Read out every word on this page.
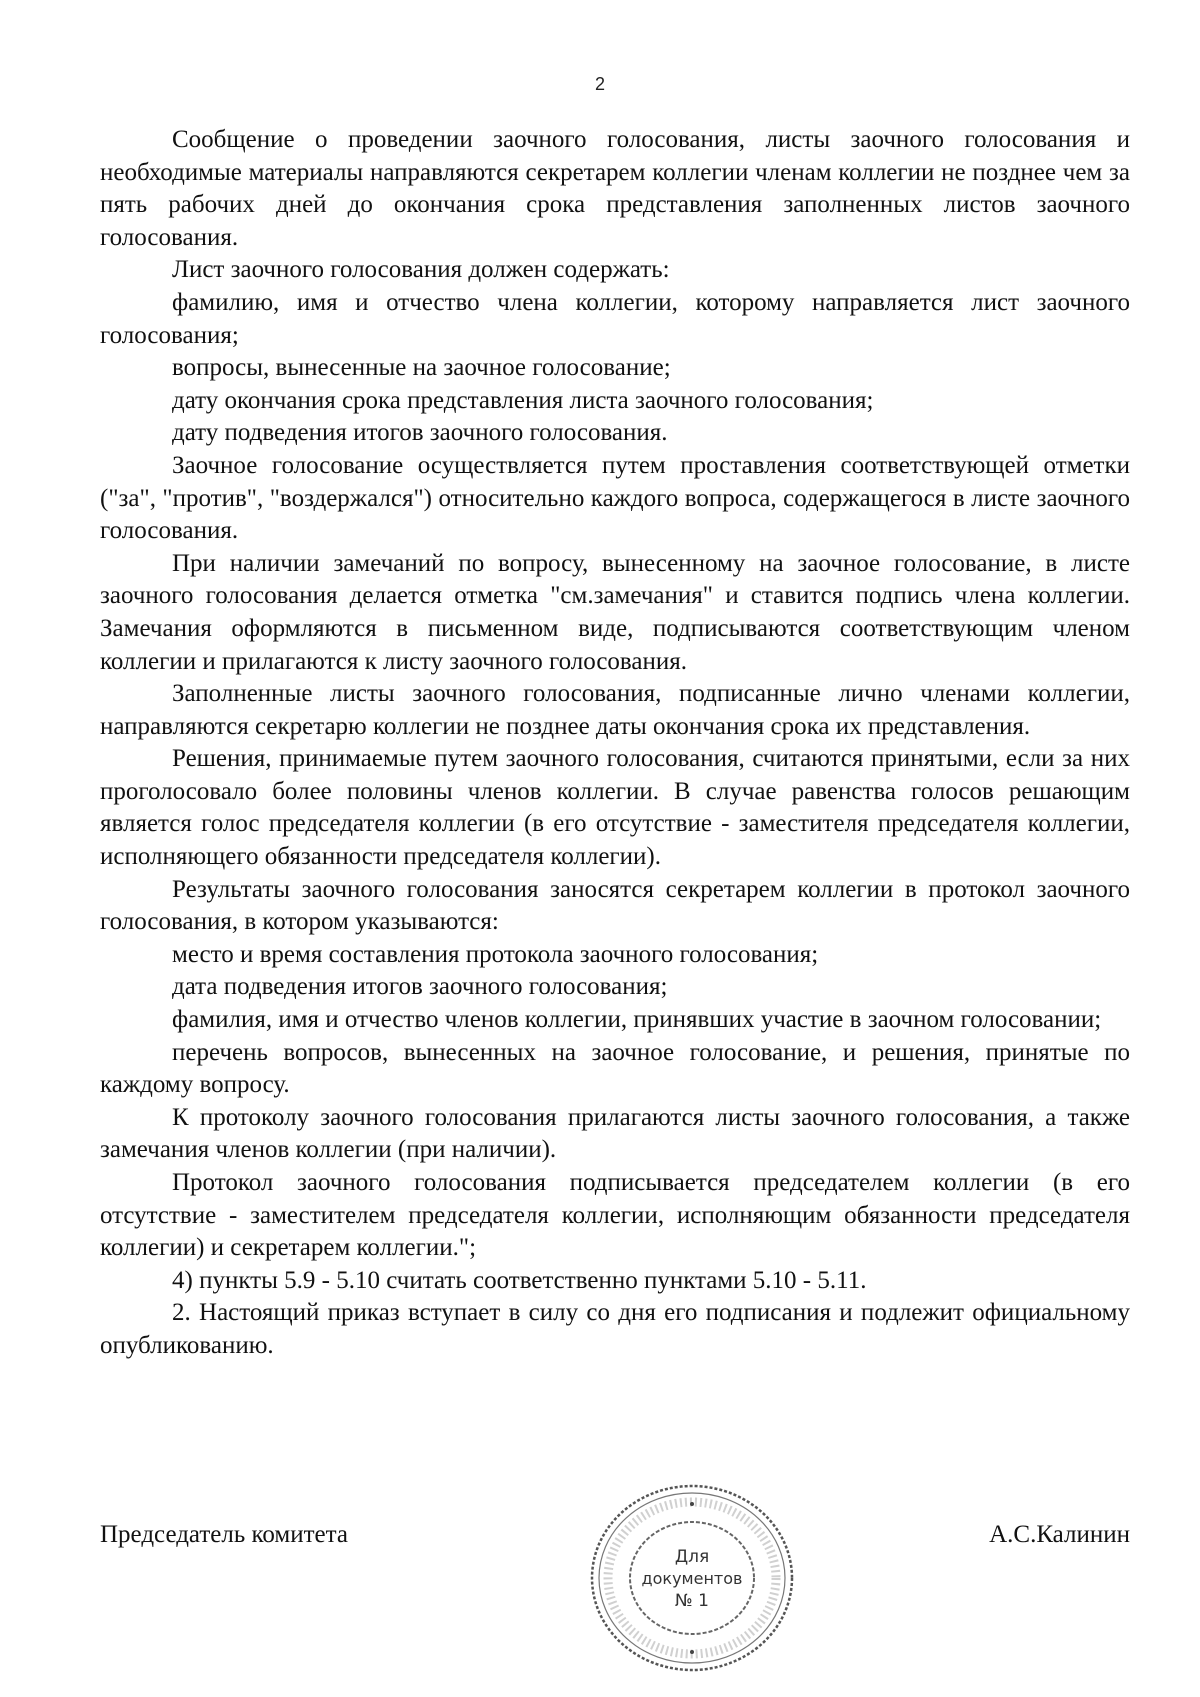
2

Сообщение о проведении заочного голосования, листы заочного голосования и необходимые материалы направляются секретарем коллегии членам коллегии не позднее чем за пять рабочих дней до окончания срока представления заполненных листов заочного голосования.

Лист заочного голосования должен содержать:

фамилию, имя и отчество члена коллегии, которому направляется лист заочного голосования;

вопросы, вынесенные на заочное голосование;

дату окончания срока представления листа заочного голосования;

дату подведения итогов заочного голосования.

Заочное голосование осуществляется путем проставления соответствующей отметки ("за", "против", "воздержался") относительно каждого вопроса, содержащегося в листе заочного голосования.

При наличии замечаний по вопросу, вынесенному на заочное голосование, в листе заочного голосования делается отметка "см.замечания" и ставится подпись члена коллегии. Замечания оформляются в письменном виде, подписываются соответствующим членом коллегии и прилагаются к листу заочного голосования.

Заполненные листы заочного голосования, подписанные лично членами коллегии, направляются секретарю коллегии не позднее даты окончания срока их представления.

Решения, принимаемые путем заочного голосования, считаются принятыми, если за них проголосовало более половины членов коллегии. В случае равенства голосов решающим является голос председателя коллегии (в его отсутствие - заместителя председателя коллегии, исполняющего обязанности председателя коллегии).

Результаты заочного голосования заносятся секретарем коллегии в протокол заочного голосования, в котором указываются:

место и время составления протокола заочного голосования;

дата подведения итогов заочного голосования;

фамилия, имя и отчество членов коллегии, принявших участие в заочном голосовании;

перечень вопросов, вынесенных на заочное голосование, и решения, принятые по каждому вопросу.

К протоколу заочного голосования прилагаются листы заочного голосования, а также замечания членов коллегии (при наличии).

Протокол заочного голосования подписывается председателем коллегии (в его отсутствие - заместителем председателя коллегии, исполняющим обязанности председателя коллегии) и секретарем коллегии.";

4) пункты 5.9 - 5.10 считать соответственно пунктами 5.10 - 5.11.

2. Настоящий приказ вступает в силу со дня его подписания и подлежит официальному опубликованию.

Председатель комитета	А.С.Калинин
Для
документов
№ 1
